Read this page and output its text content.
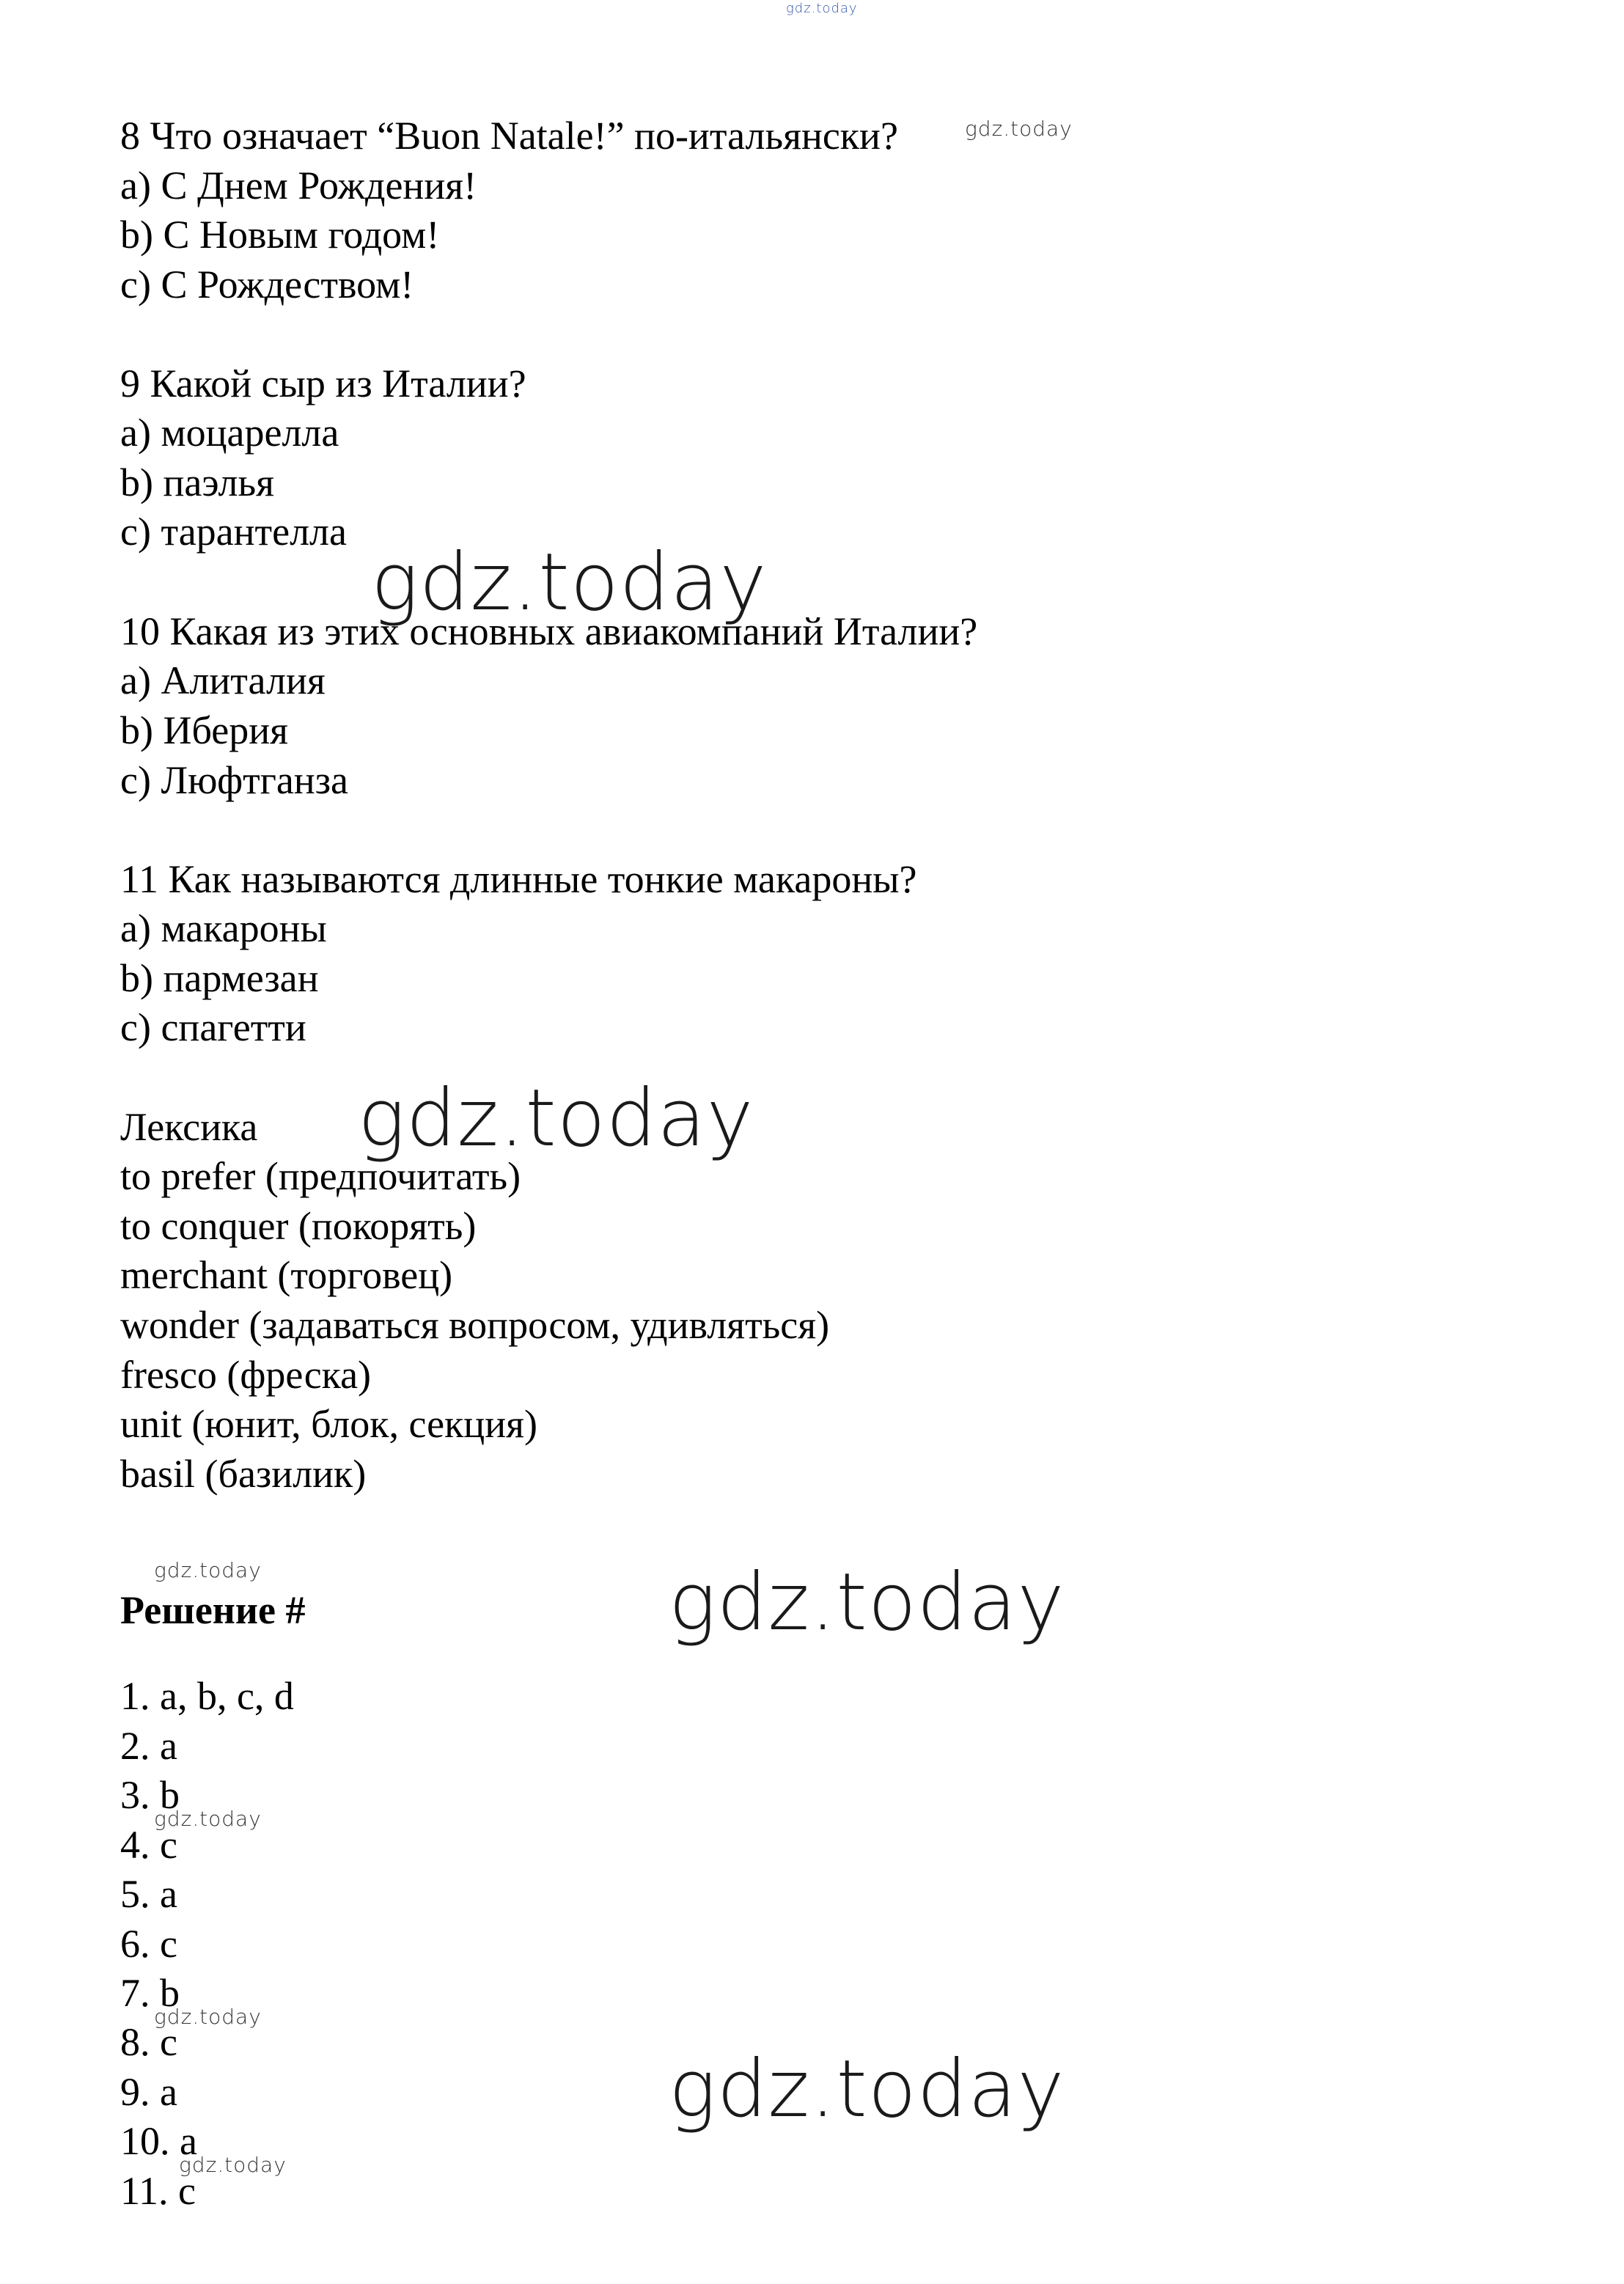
8 Что означает “Buon Natale!” по-итальянски?
a) С Днем Рождения!
b) С Новым годом!
c) С Рождеством!
9 Какой сыр из Италии?
a) моцарелла
b) паэлья
c) тарантелла
10 Какая из этих основных авиакомпаний Италии?
a) Алиталия
b) Иберия
c) Люфтганза
11 Как называются длинные тонкие макароны?
a) макароны
b) пармезан
c) спагетти
Лексика
to prefer (предпочитать)
to conquer (покорять)
merchant (торговец)
wonder (задаваться вопросом, удивляться)
fresco (фреска)
unit (юнит, блок, секция)
basil (базилик)
Решение #
1. a, b, c, d
2. a
3. b
4. c
5. a
6. c
7. b
8. c
9. a
10. a
11. c
gdz.today
gdz.today
gdz.today
gdz.today
gdz.today	gdz.today
gdz.today
gdz.today
gdz.today
gdz.today
